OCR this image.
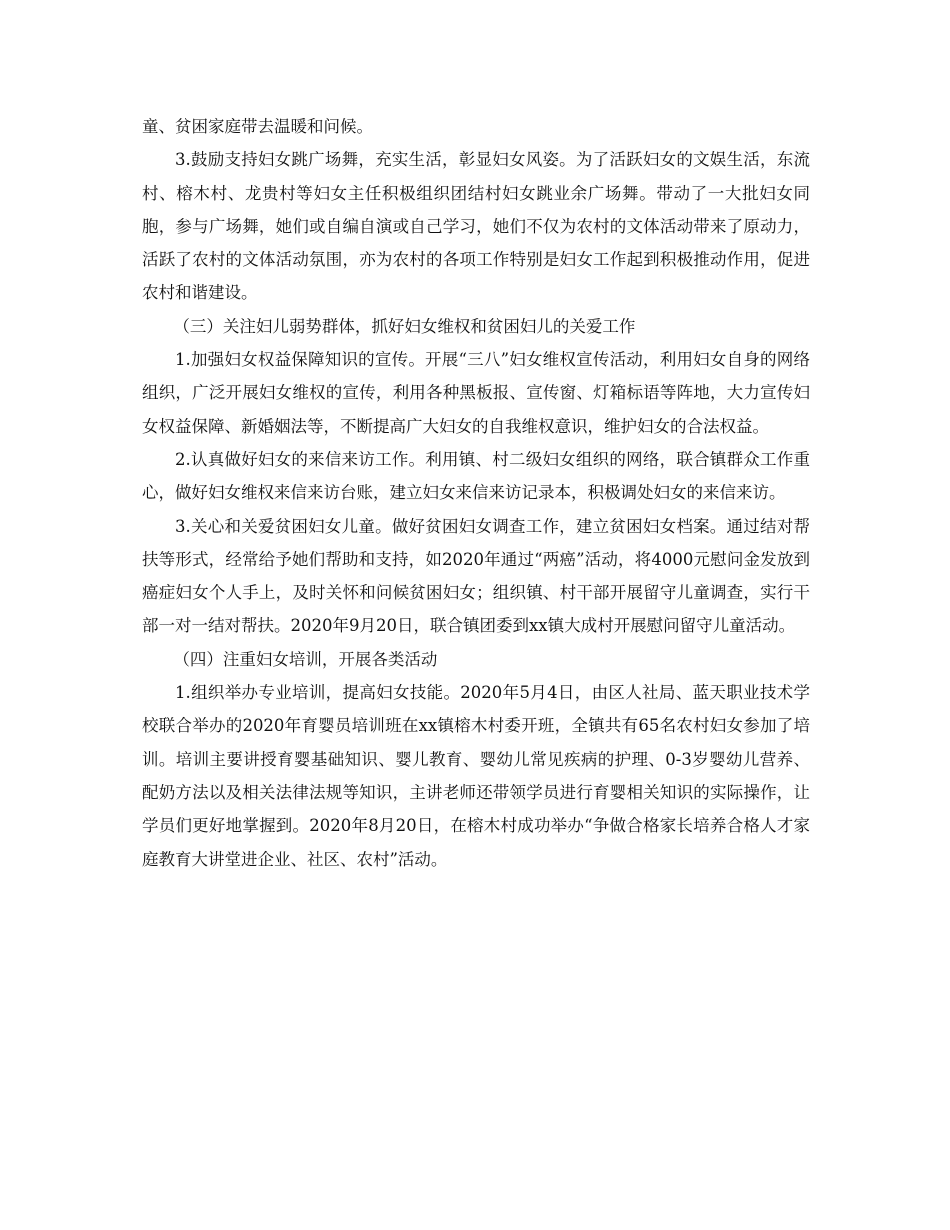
童、贫困家庭带去温暖和问候。

3.鼓励支持妇女跳广场舞，充实生活，彰显妇女风姿。为了活跃妇女的文娱生活，东流村、榕木村、龙贵村等妇女主任积极组织团结村妇女跳业余广场舞。带动了一大批妇女同胞，参与广场舞，她们或自编自演或自己学习，她们不仅为农村的文体活动带来了原动力，活跃了农村的文体活动氛围，亦为农村的各项工作特别是妇女工作起到积极推动作用，促进农村和谐建设。

（三）关注妇儿弱势群体，抓好妇女维权和贫困妇儿的关爱工作

1.加强妇女权益保障知识的宣传。开展“三八”妇女维权宣传活动，利用妇女自身的网络组织，广泛开展妇女维权的宣传，利用各种黑板报、宣传窗、灯箱标语等阵地，大力宣传妇女权益保障、新婚姻法等，不断提高广大妇女的自我维权意识，维护妇女的合法权益。

2.认真做好妇女的来信来访工作。利用镇、村二级妇女组织的网络，联合镇群众工作重心，做好妇女维权来信来访台账，建立妇女来信来访记录本，积极调处妇女的来信来访。

3.关心和关爱贫困妇女儿童。做好贫困妇女调查工作，建立贫困妇女档案。通过结对帮扶等形式，经常给予她们帮助和支持，如2020年通过“两癌”活动，将4000元慰问金发放到癌症妇女个人手上，及时关怀和问候贫困妇女；组织镇、村干部开展留守儿童调查，实行干部一对一结对帮扶。2020年9月20日，联合镇团委到xx镇大成村开展慰问留守儿童活动。

（四）注重妇女培训，开展各类活动

1.组织举办专业培训，提高妇女技能。2020年5月4日，由区人社局、蓝天职业技术学校联合举办的2020年育婴员培训班在xx镇榕木村委开班，全镇共有65名农村妇女参加了培训。培训主要讲授育婴基础知识、婴儿教育、婴幼儿常见疾病的护理、0-3岁婴幼儿营养、配奶方法以及相关法律法规等知识，主讲老师还带领学员进行育婴相关知识的实际操作，让学员们更好地掌握到。2020年8月20日，在榕木村成功举办“争做合格家长培养合格人才家庭教育大讲堂进企业、社区、农村”活动。
